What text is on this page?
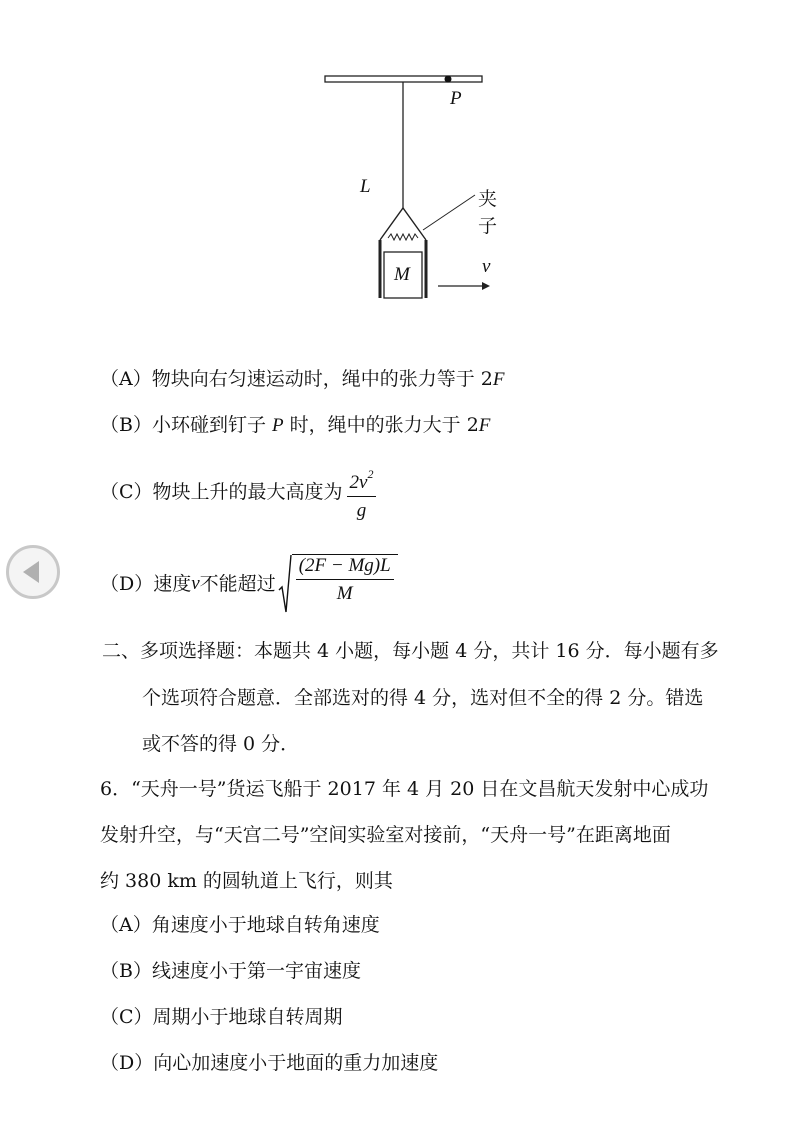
P
L
夹子
M	v
（A）物块向右匀速运动时，绳中的张力等于 2F
（B）小环碰到钉子 P 时，绳中的张力大于 2F
（C）物块上升的最大高度为 $\frac{2v^2}{g}$
（D）速度 v 不能超过 $\frac{(2F - Mg)L}{M}$
二、多项选择题：本题共 4 小题，每小题 4 分，共计 16 分．每小题有多
个选项符合题意．全部选对的得 4 分，选对但不全的得 2 分。错选
或不答的得 0 分．
6．“天舟一号”货运飞船于 2017 年 4 月 20 日在文昌航天发射中心成功
发射升空，与“天宫二号”空间实验室对接前，“天舟一号”在距离地面
约 380 km 的圆轨道上飞行，则其
（A）角速度小于地球自转角速度
（B）线速度小于第一宇宙速度
（C）周期小于地球自转周期
（D）向心加速度小于地面的重力加速度
